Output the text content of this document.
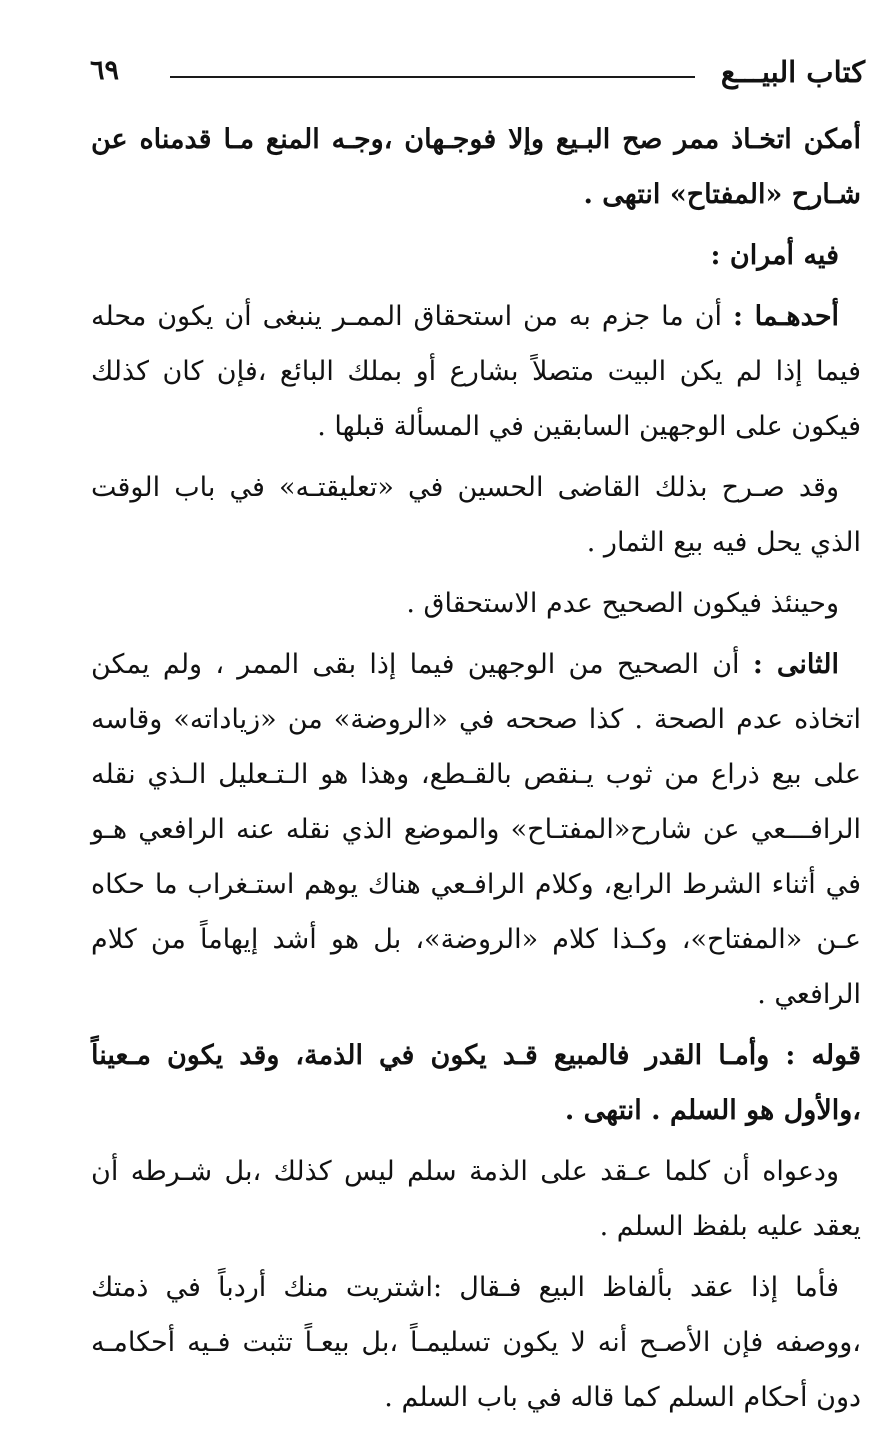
كتاب البيـــع
٦٩

أمكن اتخـاذ ممر صح البـيع وإلا فوجـهان ،وجـه المنع مـا قدمناه عن شـارح «المفتاح» انتهى .

فيه أمران :

أحدهـما : أن ما جزم به من استحقاق الممـر ينبغى أن يكون محله فيما إذا لم يكن البيت متصلاً بشارع أو بملك البائع ،فإن كان كذلك فيكون على الوجهين السابقين في المسألة قبلها .

وقد صـرح بذلك القاضى الحسين في «تعليقتـه» في باب الوقت الذي يحل فيه بيع الثمار .

وحينئذ فيكون الصحيح عدم الاستحقاق .

الثانى : أن الصحيح من الوجهين فيما إذا بقى الممر ، ولم يمكن اتخاذه عدم الصحة . كذا صححه في «الروضة» من «زياداته» وقاسه على بيع ذراع من ثوب يـنقص بالقـطع، وهذا هو الـتـعليل الـذي نقله الرافـــعي عن شارح«المفتـاح» والموضع الذي نقله عنه الرافعي هـو في أثناء الشرط الرابع، وكلام الرافـعي هناك يوهم استـغراب ما حكاه عـن «المفتاح»، وكـذا كلام «الروضة»، بل هو أشد إيهاماً من كلام الرافعي .

قوله : وأمـا القدر فالمبيع قـد يكون في الذمة، وقد يكون مـعيناً ،والأول هو السلم . انتهى .

ودعواه أن كلما عـقد على الذمة سلم ليس كذلك ،بل شـرطه أن يعقد عليه بلفظ السلم .

فأما إذا عقد بألفاظ البيع فـقال :اشتريت منك أردباً في ذمتك ،ووصفه فإن الأصـح أنه لا يكون تسليمـاً ،بل بيعـاً تثبت فـيه أحكامـه دون أحكام السلم كما قاله في باب السلم .
